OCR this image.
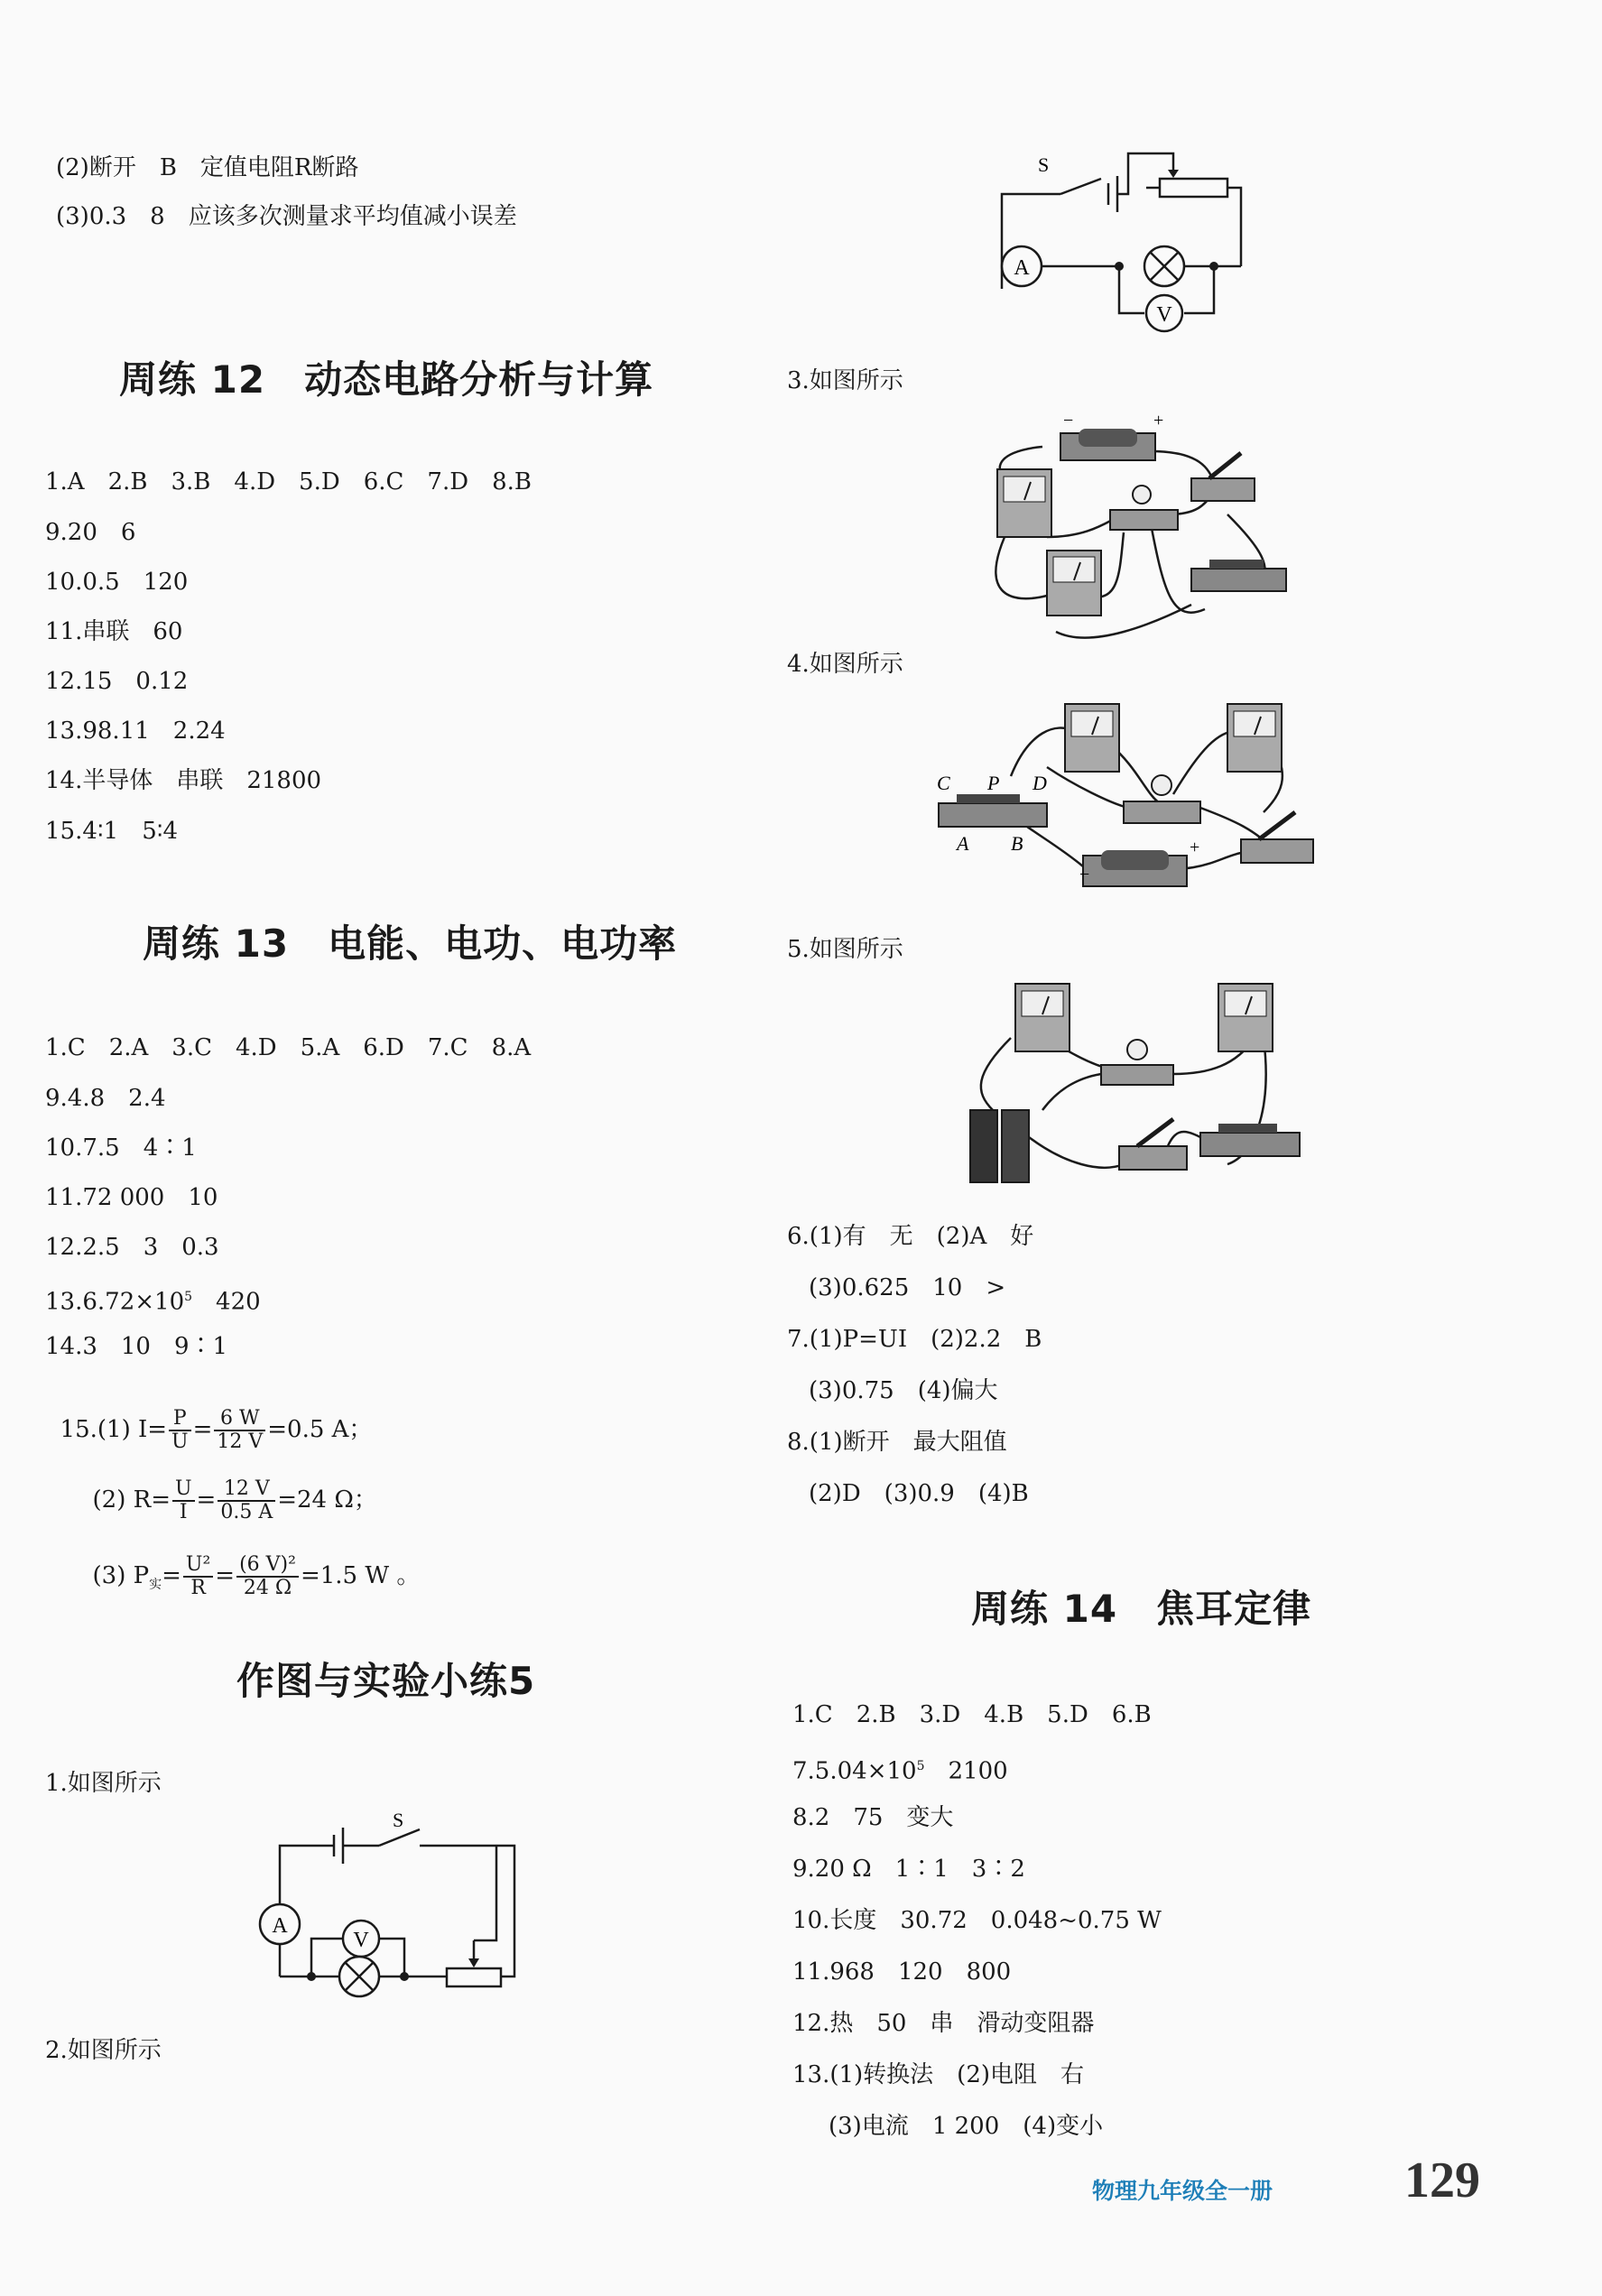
(2)断开　B　定值电阻R断路
(3)0.3　8　应该多次测量求平均值减小误差
周练 12　动态电路分析与计算
1.A　2.B　3.B　4.D　5.D　6.C　7.D　8.B
9.20　6
10.0.5　120
11.串联　60
12.15　0.12
13.98.11　2.24
14.半导体　串联　21800
15.4∶1　5∶4
周练 13　电能、电功、电功率
1.C　2.A　3.C　4.D　5.A　6.D　7.C　8.A
9.4.8　2.4
10.7.5　4∶1
11.72 000　10
12.2.5　3　0.3
$13.6.72\times 10^5$　420
14.3　10　9∶1

15.(1) $I= \frac{P}{U} = \frac{6 W}{12 V} =0.5$ A；

(2) $R= \frac{U}{I} = \frac{12 V}{0.5 A} =24$ Ω；

(3) $P_实= \frac{\text{U²}}{R} = \frac{\text{(6 V)²}}{24 \Omega} =1.5$ W 。

作图与实验小练5
1.如图所示
A
V
S
2.如图所示
A
V
S
3.如图所示
−	+
4.如图所示
−
+
C P D
A B
5.如图所示
6.(1)有　无　(2)A　好
(3)0.625　10　>
7.(1)P=UI　(2)2.2　B
(3)0.75　(4)偏大
8.(1)断开　最大阻值
(2)D　(3)0.9　(4)B
周练 14　焦耳定律
1.C　2.B　3.D　4.B　5.D　6.B
$7.5.04\times 10^5$　2100
8.2　75　变大
9.20 Ω　1∶1　3∶2
10.长度　30.72　0.048~0.75 W
11.968　120　800
12.热　50　串　滑动变阻器
13.(1)转换法　(2)电阻　右
(3)电流　1 200　(4)变小
物理九年级全一册	129
